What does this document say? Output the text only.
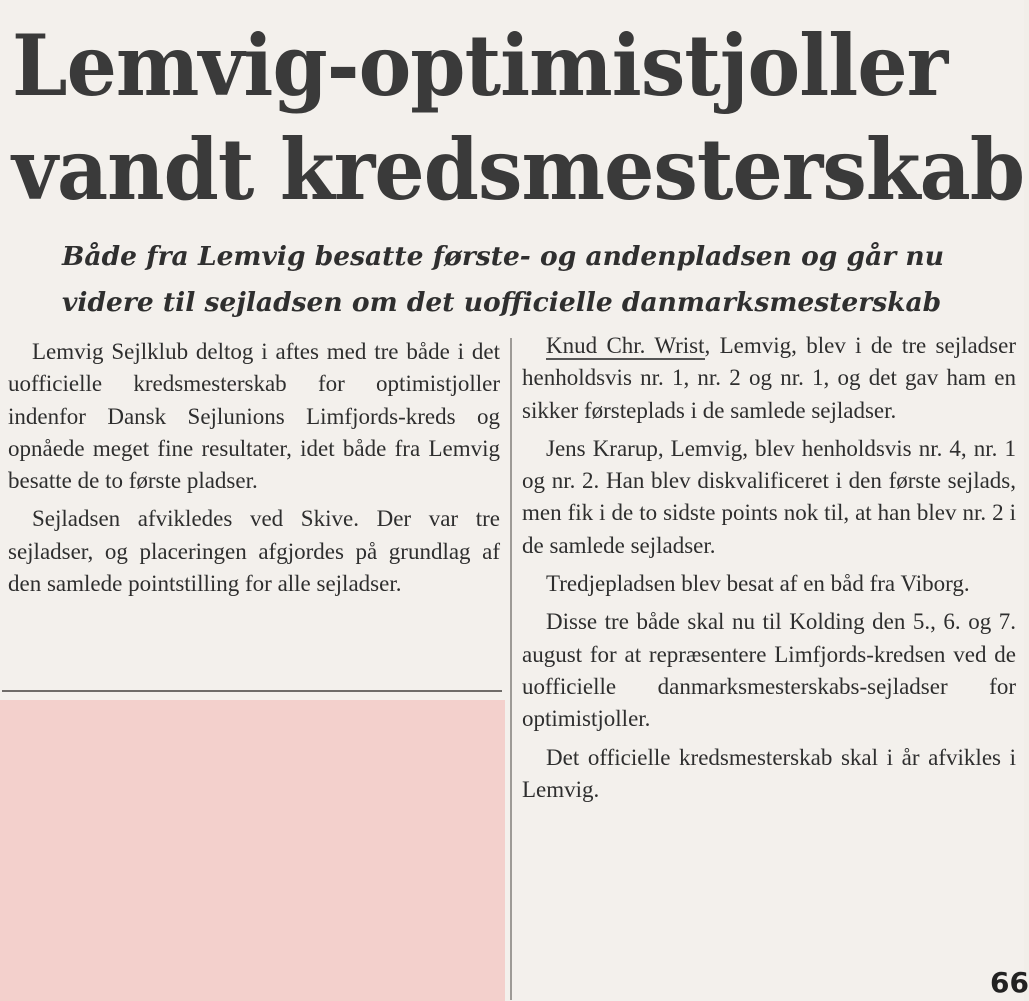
Lemvig-optimistjoller
vandt kredsmesterskab
Både fra Lemvig besatte første- og andenpladsen og går nu
videre til sejladsen om det uofficielle danmarksmesterskab

Lemvig Sejlklub deltog i aftes med tre både i det uofficielle kredsmesterskab for optimistjoller indenfor Dansk Sejlunions Limfjords-kreds og opnåede meget fine resultater, idet både fra Lemvig besatte de to første pladser.

Sejladsen afvikledes ved Skive. Der var tre sejladser, og placeringen afgjordes på grundlag af den samlede pointstilling for alle sejladser.

Knud Chr. Wrist, Lemvig, blev i de tre sejladser henholdsvis nr. 1, nr. 2 og nr. 1, og det gav ham en sikker førsteplads i de samlede sejladser.

Jens Krarup, Lemvig, blev henholdsvis nr. 4, nr. 1 og nr. 2. Han blev diskvalificeret i den første sejlads, men fik i de to sidste points nok til, at han blev nr. 2 i de samlede sejladser.

Tredjepladsen blev besat af en båd fra Viborg.

Disse tre både skal nu til Kolding den 5., 6. og 7. august for at repræsentere Limfjords-kredsen ved de uofficielle danmarksmesterskabs-sejladser for optimistjoller.

Det officielle kredsmesterskab skal i år afvikles i Lemvig.

66
